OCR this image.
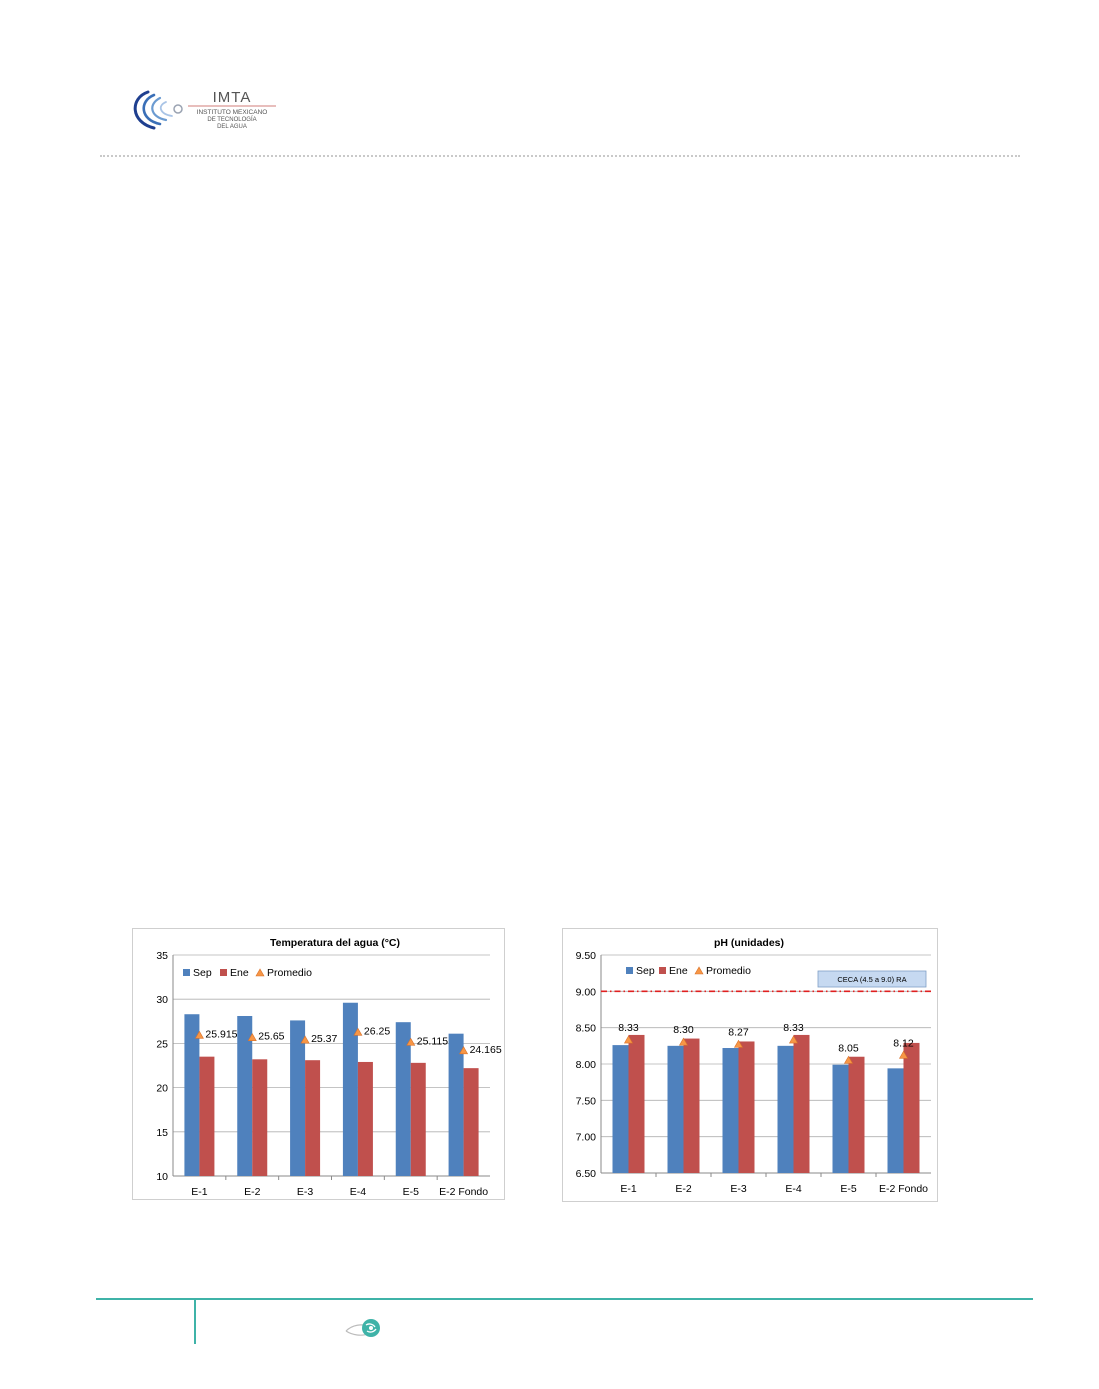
IMTA
INSTITUTO MEXICANO
DE TECNOLOGÍA
DEL AGUA
Temperatura del agua (°C)
Sep Ene Promedio
10
15
20
25
30
35
E-1
25.915
E-2
25.65
E-3
25.37
E-4
26.25
E-5
25.115
E-2 Fondo
24.165
pH (unidades)
Sep Ene Promedio
CECA (4.5 a 9.0) RA
6.50
7.00
7.50
8.00
8.50
9.00
9.50
E-1
8.33
E-2
8.30
E-3
8.27
E-4
8.33
E-5
8.05
E-2 Fondo
8.12
